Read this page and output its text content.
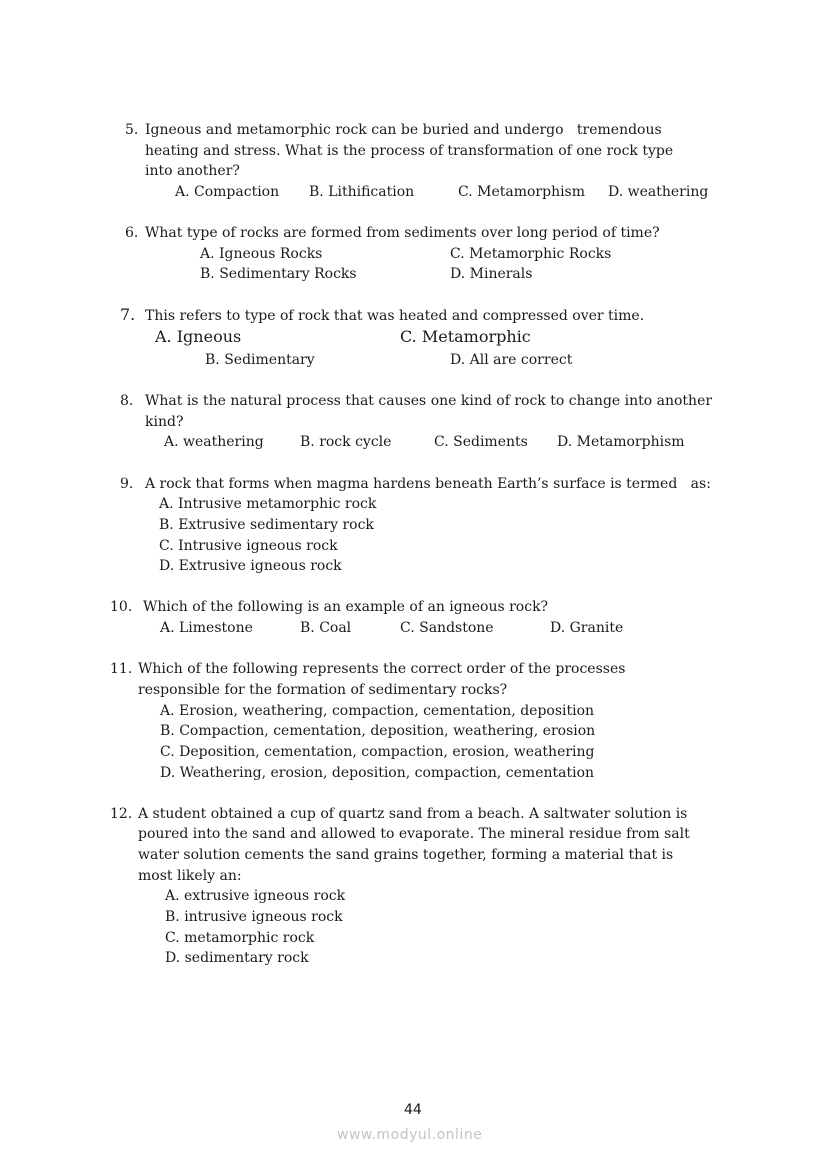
5. Igneous and metamorphic rock can be buried and undergo   tremendous
heating and stress. What is the process of transformation of one rock type
into another?
A. Compaction B. Lithification	C. Metamorphism D. weathering
6. What type of rocks are formed from sediments over long period of time?
A. Igneous Rocks
B. Sedimentary Rocks
C. Metamorphic Rocks
D. Minerals
7. This refers to type of rock that was heated and compressed over time.
A. Igneous
B. Sedimentary
C. Metamorphic
D. All are correct
8. What is the natural process that causes one kind of rock to change into another
kind?
A. weathering	B. rock cycle	C. Sediments D. Metamorphism
9. A rock that forms when magma hardens beneath Earth’s surface is termed   as:
A. Intrusive metamorphic rock
B. Extrusive sedimentary rock
C. Intrusive igneous rock
D. Extrusive igneous rock
10. Which of the following is an example of an igneous rock?
A. Limestone	B. Coal	C. Sandstone	D. Granite
11. Which of the following represents the correct order of the processes
responsible for the formation of sedimentary rocks?
A. Erosion, weathering, compaction, cementation, deposition
B. Compaction, cementation, deposition, weathering, erosion
C. Deposition, cementation, compaction, erosion, weathering
D. Weathering, erosion, deposition, compaction, cementation
12. A student obtained a cup of quartz sand from a beach. A saltwater solution is
poured into the sand and allowed to evaporate. The mineral residue from salt
water solution cements the sand grains together, forming a material that is
most likely an:
A. extrusive igneous rock
B. intrusive igneous rock
C. metamorphic rock
D. sedimentary rock
44
www.modyul.online
